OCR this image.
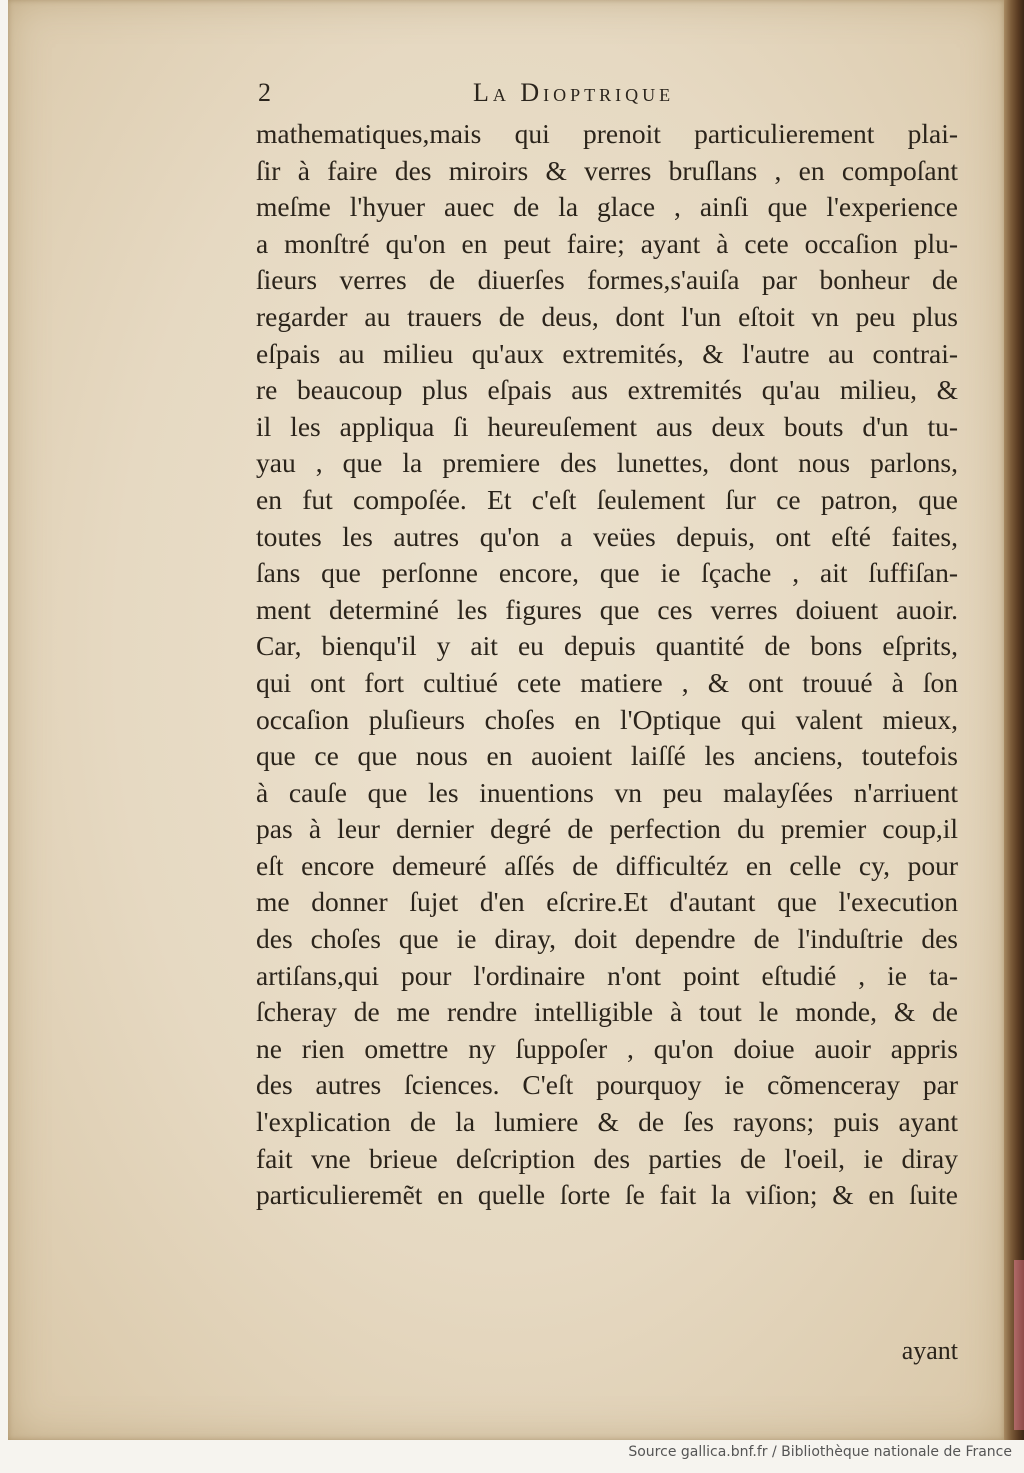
2	La Dioptrique
mathematiques,mais qui prenoit particulierement plai-
ſir à faire des miroirs & verres bruſlans , en compoſant
meſme l'hyuer auec de la glace , ainſi que l'experience
a monſtré qu'on en peut faire; ayant à cete occaſion plu-
ſieurs verres de diuerſes formes,s'auiſa par bonheur de
regarder au trauers de deus, dont l'un eſtoit vn peu plus
eſpais au milieu qu'aux extremités, & l'autre au contrai-
re beaucoup plus eſpais aus extremités qu'au milieu, &
il les appliqua ſi heureuſement aus deux bouts d'un tu-
yau , que la premiere des lunettes, dont nous parlons,
en fut compoſée. Et c'eſt ſeulement ſur ce patron, que
toutes les autres qu'on a veües depuis, ont eſté faites,
ſans que perſonne encore, que ie ſçache , ait ſuffiſan-
ment determiné les figures que ces verres doiuent auoir.
Car, bienqu'il y ait eu depuis quantité de bons eſprits,
qui ont fort cultiué cete matiere , & ont trouué à ſon
occaſion pluſieurs choſes en l'Optique qui valent mieux,
que ce que nous en auoient laiſſé les anciens, toutefois
à cauſe que les inuentions vn peu malayſées n'arriuent
pas à leur dernier degré de perfection du premier coup,il
eſt encore demeuré aſſés de difficultéz en celle cy, pour
me donner ſujet d'en eſcrire.Et d'autant que l'execution
des choſes que ie diray, doit dependre de l'induſtrie des
artiſans,qui pour l'ordinaire n'ont point eſtudié , ie ta-
ſcheray de me rendre intelligible à tout le monde, & de
ne rien omettre ny ſuppoſer , qu'on doiue auoir appris
des autres ſciences. C'eſt pourquoy ie cõmenceray par
l'explication de la lumiere & de ſes rayons; puis ayant
fait vne brieue deſcription des parties de l'oeil, ie diray
particulieremẽt en quelle ſorte ſe fait la viſion; & en ſuite
ayant
Source gallica.bnf.fr / Bibliothèque nationale de France
